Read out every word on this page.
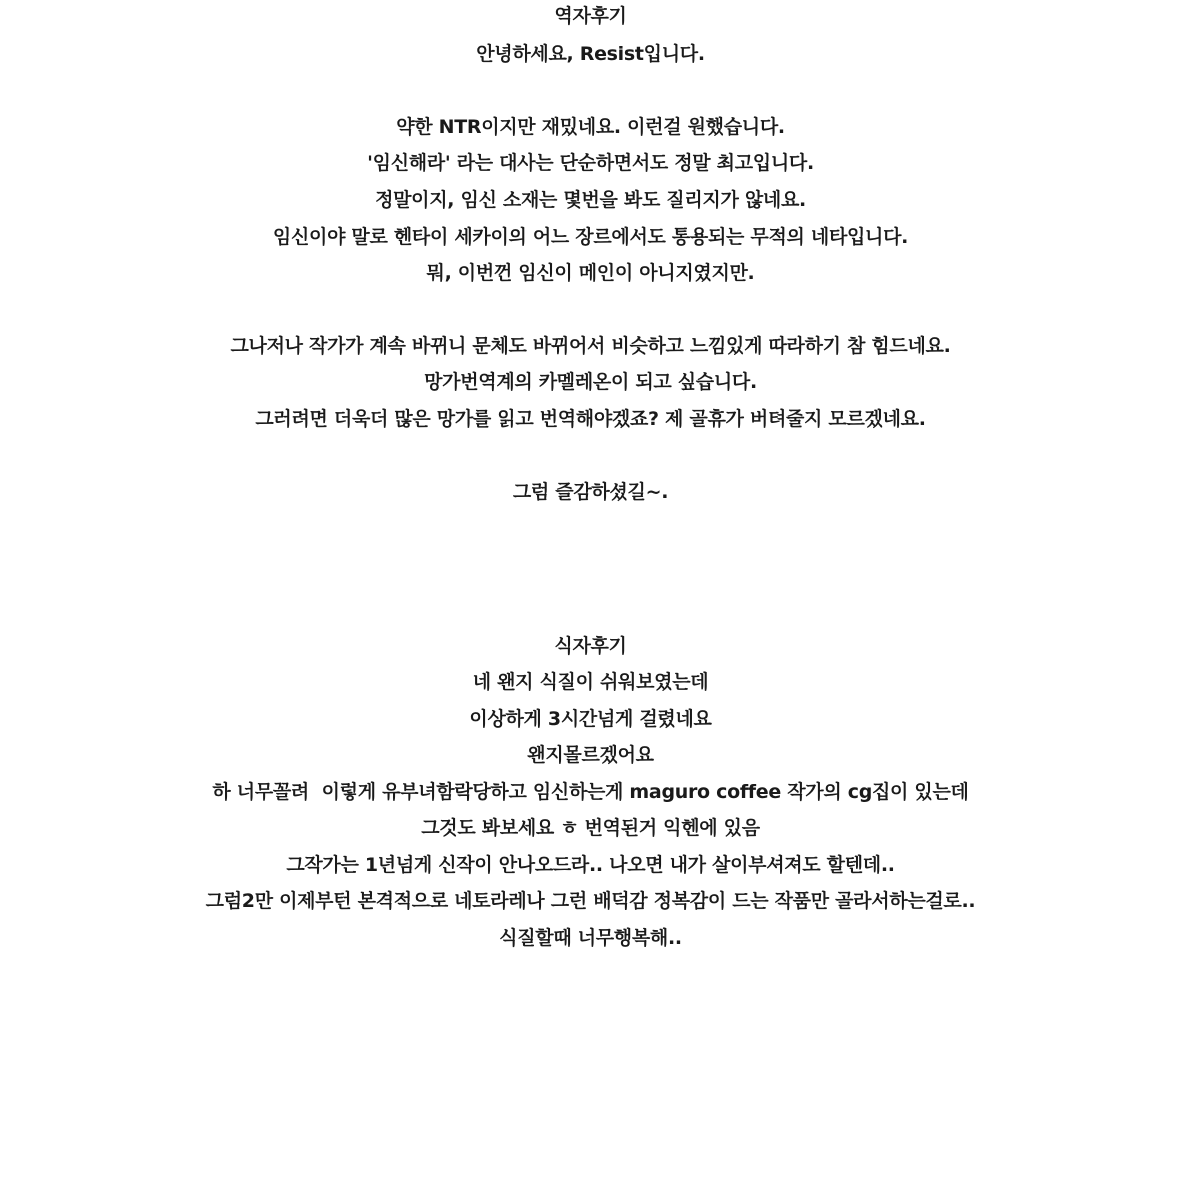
역자후기
안녕하세요, Resist입니다.
약한 NTR이지만 재밌네요. 이런걸 원했습니다.
'임신해라' 라는 대사는 단순하면서도 정말 최고입니다.
정말이지, 임신 소재는 몇번을 봐도 질리지가 않네요.
임신이야 말로 헨타이 세카이의 어느 장르에서도 통용되는 무적의 네타입니다.
뭐, 이번껀 임신이 메인이 아니지였지만.
그나저나 작가가 계속 바뀌니 문체도 바뀌어서 비슷하고 느낌있게 따라하기 참 힘드네요.
망가번역계의 카멜레온이 되고 싶습니다.
그러려면 더욱더 많은 망가를 읽고 번역해야겠죠? 제 골휴가 버텨줄지 모르겠네요.
그럼 즐감하셨길~.
식자후기
네 왠지 식질이 쉬워보였는데
이상하게 3시간넘게 걸렸네요
왠지몰르겠어요
하 너무꼴려  이렇게 유부녀함락당하고 임신하는게 maguro coffee 작가의 cg집이 있는데
그것도 봐보세요 ㅎ 번역된거 익헨에 있음
그작가는 1년넘게 신작이 안나오드라.. 나오면 내가 살이부셔져도 할텐데..
그럼2만 이제부턴 본격적으로 네토라레나 그런 배덕감 정복감이 드는 작품만 골라서하는걸로..
식질할때 너무행복해..
